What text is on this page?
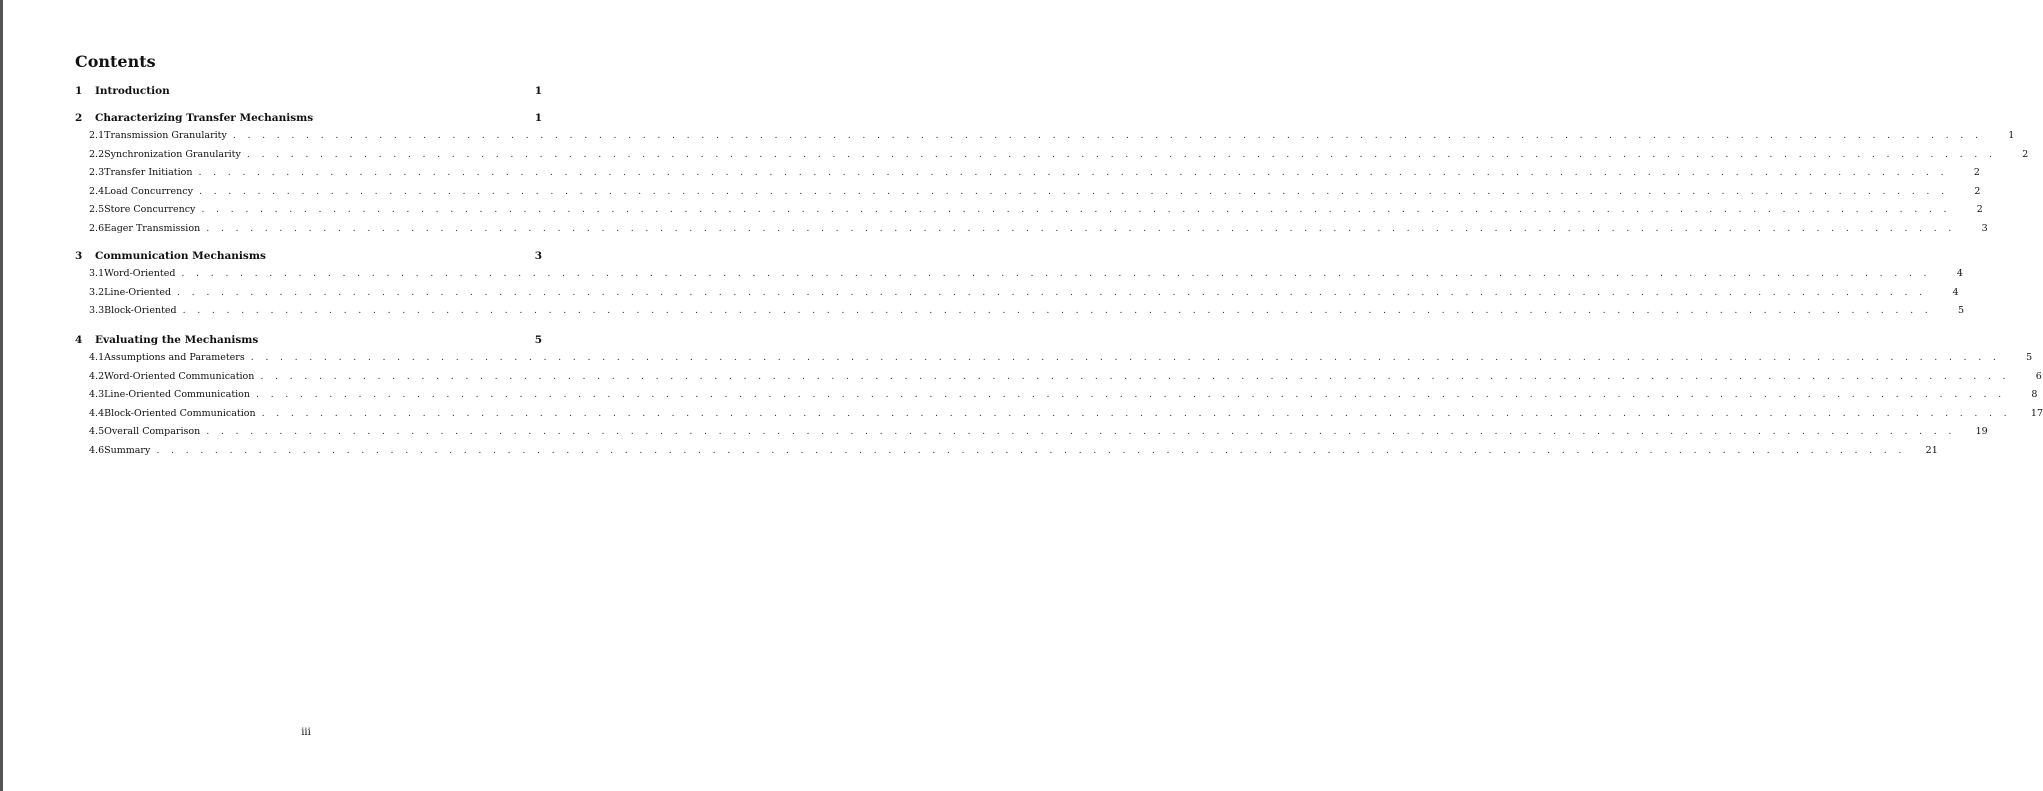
Contents
1	Introduction	1
2	Characterizing Transfer Mechanisms	1
2.1 Transmission Granularity . . . . . . . . . . . . . . . . . . . . . . . . . . . . . . . . . . . . . . . . . . . . . . . . . . . . . . . . . . . . . . . . . . . . . . . . . . . . . . . . . . . . . . . . . . . . . . . . . . . . . . . . . . . . . . . . . . . . . . . .	1
2.2 Synchronization Granularity . . . . . . . . . . . . . . . . . . . . . . . . . . . . . . . . . . . . . . . . . . . . . . . . . . . . . . . . . . . . . . . . . . . . . . . . . . . . . . . . . . . . . . . . . . . . . . . . . . . . . . . . . . . . . . . . . . . . . . . .	2
2.3 Transfer Initiation . . . . . . . . . . . . . . . . . . . . . . . . . . . . . . . . . . . . . . . . . . . . . . . . . . . . . . . . . . . . . . . . . . . . . . . . . . . . . . . . . . . . . . . . . . . . . . . . . . . . . . . . . . . . . . . . . . . . . . . .	2
2.4 Load Concurrency . . . . . . . . . . . . . . . . . . . . . . . . . . . . . . . . . . . . . . . . . . . . . . . . . . . . . . . . . . . . . . . . . . . . . . . . . . . . . . . . . . . . . . . . . . . . . . . . . . . . . . . . . . . . . . . . . . . . . . . .	2
2.5 Store Concurrency . . . . . . . . . . . . . . . . . . . . . . . . . . . . . . . . . . . . . . . . . . . . . . . . . . . . . . . . . . . . . . . . . . . . . . . . . . . . . . . . . . . . . . . . . . . . . . . . . . . . . . . . . . . . . . . . . . . . . . . .	2
2.6 Eager Transmission . . . . . . . . . . . . . . . . . . . . . . . . . . . . . . . . . . . . . . . . . . . . . . . . . . . . . . . . . . . . . . . . . . . . . . . . . . . . . . . . . . . . . . . . . . . . . . . . . . . . . . . . . . . . . . . . . . . . . . . .	3
3	Communication Mechanisms	3
3.1 Word-Oriented . . . . . . . . . . . . . . . . . . . . . . . . . . . . . . . . . . . . . . . . . . . . . . . . . . . . . . . . . . . . . . . . . . . . . . . . . . . . . . . . . . . . . . . . . . . . . . . . . . . . . . . . . . . . . . . . . . . . . . . .	4
3.2 Line-Oriented . . . . . . . . . . . . . . . . . . . . . . . . . . . . . . . . . . . . . . . . . . . . . . . . . . . . . . . . . . . . . . . . . . . . . . . . . . . . . . . . . . . . . . . . . . . . . . . . . . . . . . . . . . . . . . . . . . . . . . . .	4
3.3 Block-Oriented . . . . . . . . . . . . . . . . . . . . . . . . . . . . . . . . . . . . . . . . . . . . . . . . . . . . . . . . . . . . . . . . . . . . . . . . . . . . . . . . . . . . . . . . . . . . . . . . . . . . . . . . . . . . . . . . . . . . . . . .	5
4	Evaluating the Mechanisms	5
4.1 Assumptions and Parameters . . . . . . . . . . . . . . . . . . . . . . . . . . . . . . . . . . . . . . . . . . . . . . . . . . . . . . . . . . . . . . . . . . . . . . . . . . . . . . . . . . . . . . . . . . . . . . . . . . . . . . . . . . . . . . . . . . . . . . . .	5
4.2 Word-Oriented Communication . . . . . . . . . . . . . . . . . . . . . . . . . . . . . . . . . . . . . . . . . . . . . . . . . . . . . . . . . . . . . . . . . . . . . . . . . . . . . . . . . . . . . . . . . . . . . . . . . . . . . . . . . . . . . . . . . . . . . . . .	6
4.3 Line-Oriented Communication . . . . . . . . . . . . . . . . . . . . . . . . . . . . . . . . . . . . . . . . . . . . . . . . . . . . . . . . . . . . . . . . . . . . . . . . . . . . . . . . . . . . . . . . . . . . . . . . . . . . . . . . . . . . . . . . . . . . . . . .	8
4.4 Block-Oriented Communication . . . . . . . . . . . . . . . . . . . . . . . . . . . . . . . . . . . . . . . . . . . . . . . . . . . . . . . . . . . . . . . . . . . . . . . . . . . . . . . . . . . . . . . . . . . . . . . . . . . . . . . . . . . . . . . . . . . . . . . .	17
4.5 Overall Comparison . . . . . . . . . . . . . . . . . . . . . . . . . . . . . . . . . . . . . . . . . . . . . . . . . . . . . . . . . . . . . . . . . . . . . . . . . . . . . . . . . . . . . . . . . . . . . . . . . . . . . . . . . . . . . . . . . . . . . . . .	19
4.6 Summary . . . . . . . . . . . . . . . . . . . . . . . . . . . . . . . . . . . . . . . . . . . . . . . . . . . . . . . . . . . . . . . . . . . . . . . . . . . . . . . . . . . . . . . . . . . . . . . . . . . . . . . . . . . . . . . . . . . . . . . .	21
iii
